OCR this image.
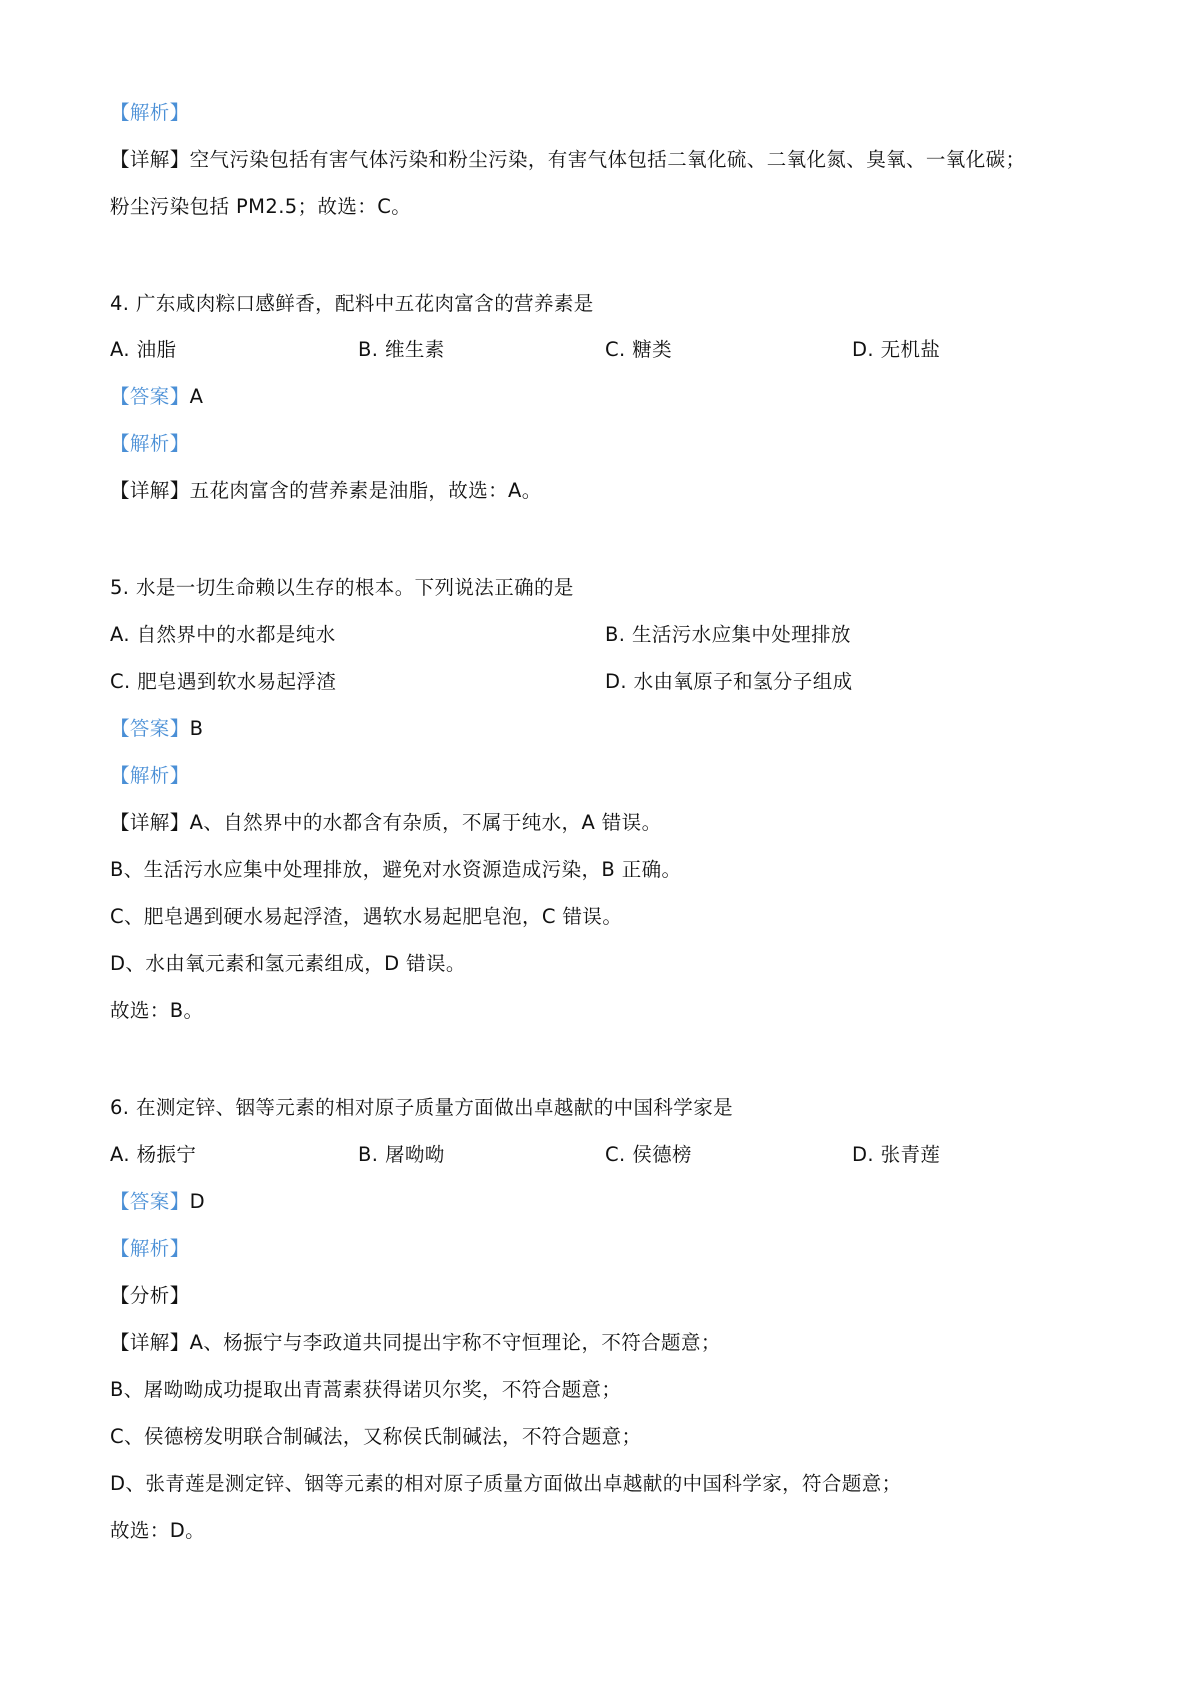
【解析】
【详解】空气污染包括有害气体污染和粉尘污染，有害气体包括二氧化硫、二氧化氮、臭氧、一氧化碳；
粉尘污染包括 PM2.5；故选：C。
4. 广东咸肉粽口感鲜香，配料中五花肉富含的营养素是
A. 油脂	B. 维生素	C. 糖类	D. 无机盐
【答案】A
【解析】
【详解】五花肉富含的营养素是油脂，故选：A。
5. 水是一切生命赖以生存的根本。下列说法正确的是
A. 自然界中的水都是纯水	B. 生活污水应集中处理排放
C. 肥皂遇到软水易起浮渣	D. 水由氧原子和氢分子组成
【答案】B
【解析】
【详解】A、自然界中的水都含有杂质，不属于纯水，A 错误。
B、生活污水应集中处理排放，避免对水资源造成污染，B 正确。
C、肥皂遇到硬水易起浮渣，遇软水易起肥皂泡，C 错误。
D、水由氧元素和氢元素组成，D 错误。
故选：B。
6. 在测定锌、铟等元素的相对原子质量方面做出卓越献的中国科学家是
A. 杨振宁	B. 屠呦呦	C. 侯德榜	D. 张青莲
【答案】D
【解析】
【分析】
【详解】A、杨振宁与李政道共同提出宇称不守恒理论，不符合题意；
B、屠呦呦成功提取出青蒿素获得诺贝尔奖，不符合题意；
C、侯德榜发明联合制碱法，又称侯氏制碱法，不符合题意；
D、张青莲是测定锌、铟等元素的相对原子质量方面做出卓越献的中国科学家，符合题意；
故选：D。
